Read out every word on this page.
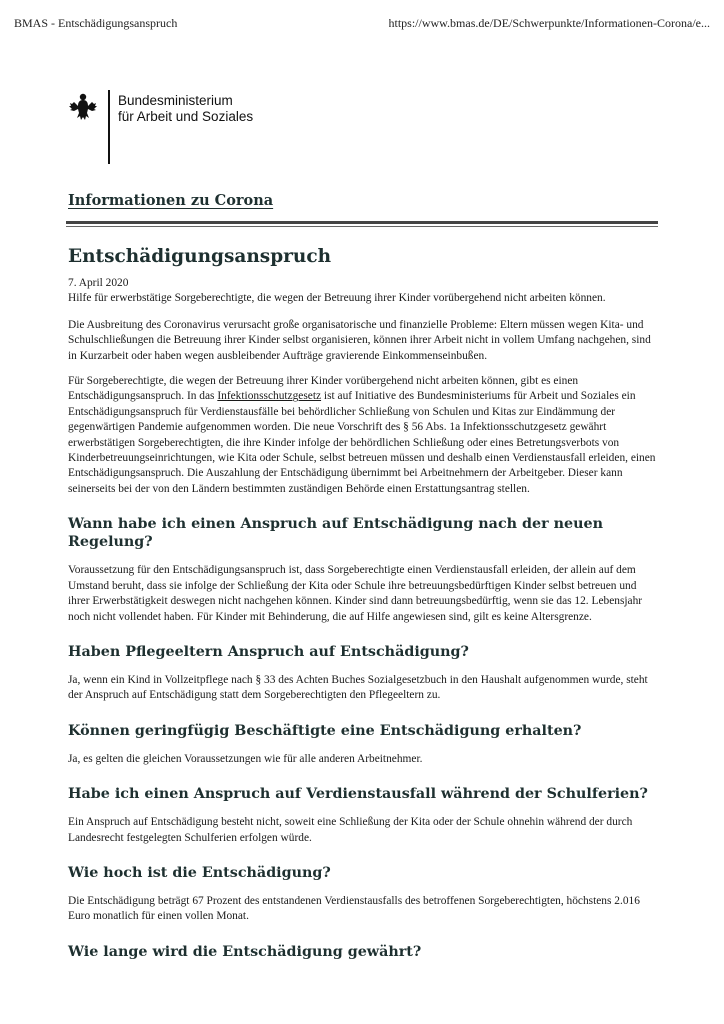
BMAS - Entschädigungsanspruch	https://www.bmas.de/DE/Schwerpunkte/Informationen-Corona/e...
Bundesministerium
für Arbeit und Soziales
Informationen zu Corona
Entschädigungsanspruch

7. April 2020

Hilfe für erwerbstätige Sorgeberechtigte, die wegen der Betreuung ihrer Kinder vorübergehend nicht arbeiten können.

Die Ausbreitung des Coronavirus verursacht große organisatorische und finanzielle Probleme: Eltern müssen wegen Kita- und Schulschließungen die Betreuung ihrer Kinder selbst organisieren, können ihrer Arbeit nicht in vollem Umfang nachgehen, sind in Kurzarbeit oder haben wegen ausbleibender Aufträge gravierende Einkommenseinbußen.

Für Sorgeberechtigte, die wegen der Betreuung ihrer Kinder vorübergehend nicht arbeiten können, gibt es einen Entschädigungsanspruch. In das Infektionsschutzgesetz ist auf Initiative des Bundesministeriums für Arbeit und Soziales ein Entschädigungsanspruch für Verdienstausfälle bei behördlicher Schließung von Schulen und Kitas zur Eindämmung der gegenwärtigen Pandemie aufgenommen worden. Die neue Vorschrift des § 56 Abs. 1a Infektionsschutzgesetz gewährt erwerbstätigen Sorgeberechtigten, die ihre Kinder infolge der behördlichen Schließung oder eines Betretungsverbots von Kinderbetreuungseinrichtungen, wie Kita oder Schule, selbst betreuen müssen und deshalb einen Verdienstausfall erleiden, einen Entschädigungsanspruch. Die Auszahlung der Entschädigung übernimmt bei Arbeitnehmern der Arbeitgeber. Dieser kann seinerseits bei der von den Ländern bestimmten zuständigen Behörde einen Erstattungsantrag stellen.

Wann habe ich einen Anspruch auf Entschädigung nach der neuen Regelung?

Voraussetzung für den Entschädigungsanspruch ist, dass Sorgeberechtigte einen Verdienstausfall erleiden, der allein auf dem Umstand beruht, dass sie infolge der Schließung der Kita oder Schule ihre betreuungsbedürftigen Kinder selbst betreuen und ihrer Erwerbstätigkeit deswegen nicht nachgehen können. Kinder sind dann betreuungsbedürftig, wenn sie das 12. Lebensjahr noch nicht vollendet haben. Für Kinder mit Behinderung, die auf Hilfe angewiesen sind, gilt es keine Altersgrenze.

Haben Pflegeeltern Anspruch auf Entschädigung?

Ja, wenn ein Kind in Vollzeitpflege nach § 33 des Achten Buches Sozialgesetzbuch in den Haushalt aufgenommen wurde, steht der Anspruch auf Entschädigung statt dem Sorgeberechtigten den Pflegeeltern zu.

Können geringfügig Beschäftigte eine Entschädigung erhalten?

Ja, es gelten die gleichen Voraussetzungen wie für alle anderen Arbeitnehmer.

Habe ich einen Anspruch auf Verdienstausfall während der Schulferien?

Ein Anspruch auf Entschädigung besteht nicht, soweit eine Schließung der Kita oder der Schule ohnehin während der durch Landesrecht festgelegten Schulferien erfolgen würde.

Wie hoch ist die Entschädigung?

Die Entschädigung beträgt 67 Prozent des entstandenen Verdienstausfalls des betroffenen Sorgeberechtigten, höchstens 2.016 Euro monatlich für einen vollen Monat.

Wie lange wird die Entschädigung gewährt?
